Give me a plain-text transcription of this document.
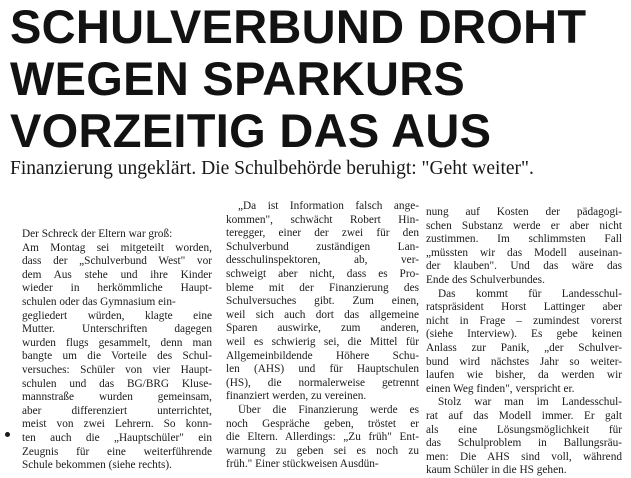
SCHULVERBUND DROHT
WEGEN SPARKURS
VORZEITIG DAS AUS

Finanzierung ungeklärt. Die Schulbehörde beruhigt: "Geht weiter".

Der Schreck der Eltern war groß:
Am Montag sei mitgeteilt worden,
dass der „Schulverbund West" vor
dem Aus stehe und ihre Kinder
wieder in herkömmliche Haupt-
schulen oder das Gymnasium ein-
gegliedert würden, klagte eine
Mutter. Unterschriften dagegen
wurden flugs gesammelt, denn man
bangte um die Vorteile des Schul-
versuches: Schüler von vier Haupt-
schulen und das BG/BRG Klusе-
mannstraße wurden gemeinsam,
aber differenziert unterrichtet,
meist von zwei Lehrern. So konn-
ten auch die „Hauptschüler" ein
Zeugnis für eine weiterführende
Schule bekommen (siehe rechts).
„Da ist Information falsch ange-
kommen", schwächt Robert Hin-
teregger, einer der zwei für den
Schulverbund zuständigen Lan-
desschulinspektoren, ab, ver-
schweigt aber nicht, dass es Pro-
bleme mit der Finanzierung des
Schulversuches gibt. Zum einen,
weil sich auch dort das allgemeine
Sparen auswirke, zum anderen,
weil es schwierig sei, die Mittel für
Allgemeinbildende Höhere Schu-
len (AHS) und für Hauptschulen
(HS), die normalerweise getrennt
finanziert werden, zu vereinen.
Über die Finanzierung werde es
noch Gespräche geben, tröstet er
die Eltern. Allerdings: „Zu früh" Ent-
warnung zu geben sei es noch zu
früh." Einer stückweisen Ausdün-
nung auf Kosten der pädagogi-
schen Substanz werde er aber nicht
zustimmen. Im schlimmsten Fall
„müssten wir das Modell auseinan-
der klauben". Und das wäre das
Ende des Schulverbundes.
Das kommt für Landesschul-
ratspräsident Horst Lattinger aber
nicht in Frage – zumindest vorerst
(siehe Interview). Es gebe keinen
Anlass zur Panik, „der Schulver-
bund wird nächstes Jahr so weiter-
laufen wie bisher, da werden wir
einen Weg finden", verspricht er.
Stolz war man im Landesschul-
rat auf das Modell immer. Er galt
als eine Lösungsmöglichkeit für
das Schulproblem in Ballungsräu-
men: Die AHS sind voll, während
kaum Schüler in die HS gehen.
